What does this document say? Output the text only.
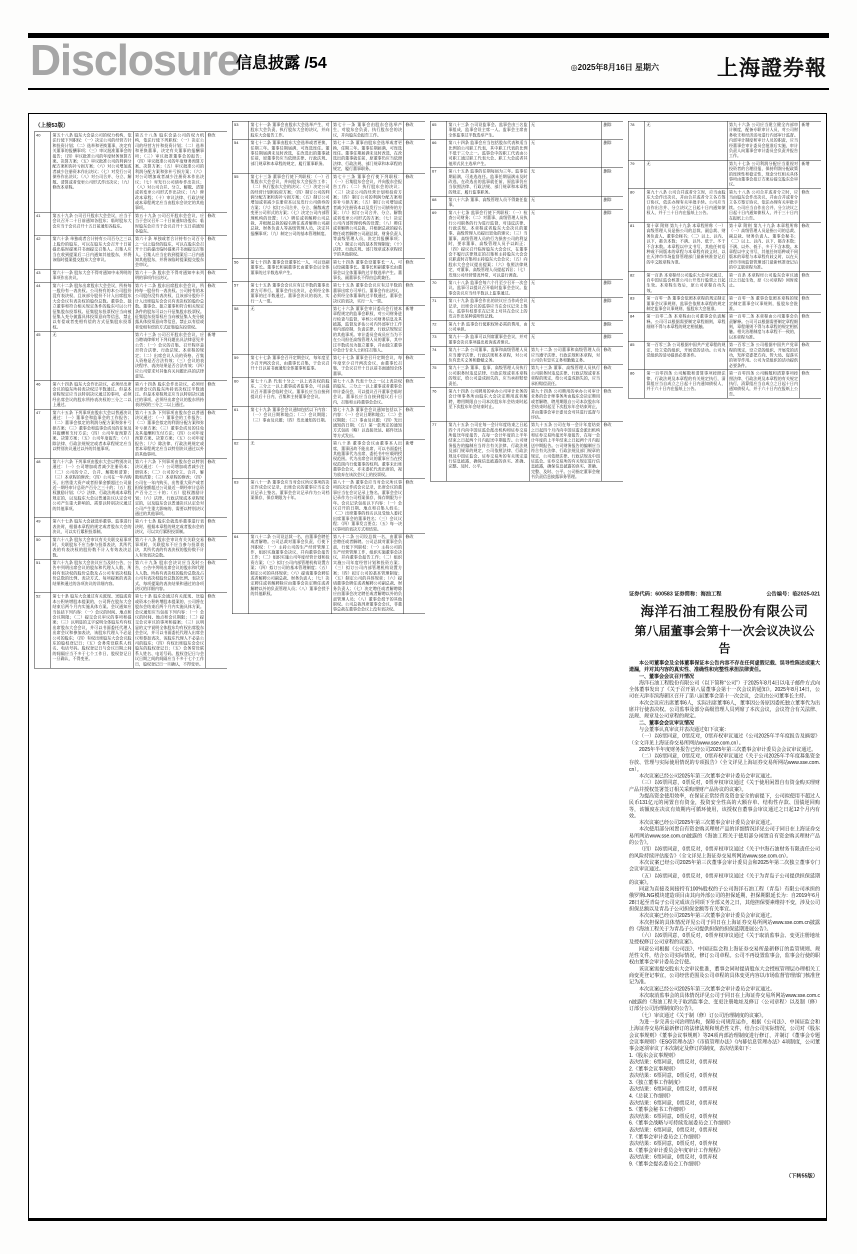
Disclosure
信息披露 /54	◎2025年8月16日 星期六	上海證券報
（上接53版）
40	第五十八条 股东大会是公司的权力机构，依法行使下列职权：（一）决定公司的经营方针和投资计划；（二）选举和更换董事，决定有关董事的报酬事项；（三）审议批准董事会的报告；（四）审议批准公司的年度财务预算方案、决算方案；（五）审议批准公司的利润分配方案和弥补亏损方案；（六）对公司增加或者减少注册资本作出决议；（七）对发行公司债券作出决议；（八）对公司合并、分立、解散、清算或者变更公司形式作出决议；（九）修改本章程。	第五十八条 股东会是公司的权力机构，依法行使下列职权：（一）决定公司的经营方针和投资计划；（二）选举和更换董事，决定有关董事的报酬事项；（三）审议批准董事会的报告；（四）审议批准公司的年度财务预算方案、决算方案；（五）审议批准公司的利润分配方案和弥补亏损方案；（六）对公司增加或者减少注册资本作出决议；（七）对发行公司债券作出决议；（八）对公司合并、分立、解散、清算或者变更公司形式作出决议；（九）修改本章程；（十）审议法律、行政法规或本章程规定应当由股东会决定的其他事项。	修改
41	第五十九条 公司召开股东大会会议，应当于会议召开二十日前通知各股东；临时股东大会应当于会议召开十五日前通知各股东。	第五十九条 公司召开股东会会议，应当于会议召开二十日前通知各股东；临时股东会应当于会议召开十五日前通知各股东。	修改
42	第六十条 单独或者合计持有公司百分之三以上股份的股东，可以在股东大会召开十日前提出临时提案并书面提交召集人。召集人应当在收到提案后二日内通知其他股东，并将该临时提案提交股东大会审议。	第六十条 单独或者合计持有公司百分之一以上股份的股东，可以在股东会召开十日前提出临时提案并书面提交召集人。召集人应当在收到提案后二日内通知其他股东，并将该临时提案提交股东会审议。	修改
43	第六十一条 股东大会不得对通知中未列明的事项作出决议。	第六十一条 股东会不得对通知中未列明的事项作出决议。	修改
44	第六十二条 股东出席股东大会会议，所持每一股份有一表决权。公司持有的本公司股份没有表决权，且该部分股份不计入出席股东大会会议有表决权的股份总数。董事会、独立董事和符合相关规定条件的股东可以公开征集股东投票权。征集股东投票权应当向被征集人充分披露具体投票意向等信息，禁止以有偿或者变相有偿的方式征集股东投票权。	第六十二条 股东出席股东会会议，所持每一股份有一表决权。公司持有的本公司股份没有表决权，且该部分股份不计入出席股东会会议有表决权的股份总数。董事会、独立董事和符合相关规定条件的股东可以公开征集股东投票权。征集股东投票权应当向被征集人充分披露具体投票意向等信息，禁止以有偿或者变相有偿的方式征集股东投票权。	修改
45	无	第六十三条 公司召开股东会会议，应当聘请律师对下列问题出具法律意见并公告：（一）会议的召集、召开程序是否符合法律、行政法规、本章程的规定；（二）出席会议人员的资格、召集人资格是否合法有效；（三）会议的表决程序、表决结果是否合法有效；（四）应公司要求对其他有关问题出具的法律意见。	新增
46	第六十四条 股东大会作出决议，必须经出席会议的股东所持表决权过半数通过。但是本章程规定应当以特别决议通过的事项，必须经出席会议的股东所持表决权的三分之二以上通过。	第六十四条 股东会作出决议，必须经出席会议的股东所持表决权过半数通过。但是本章程规定应当以特别决议通过的事项，必须经出席会议的股东所持表决权的三分之二以上通过。	修改
47	第六十五条 下列事项由股东大会以普通决议通过：（一）董事会和监事会的工作报告；（二）董事会拟定的利润分配方案和弥补亏损方案；（三）董事会和监事会成员的任免及其报酬和支付方法；（四）公司年度预算方案、决算方案；（五）公司年度报告；（六）除法律、行政法规规定或者本章程规定应当以特别决议通过以外的其他事项。	第六十五条 下列事项由股东会以普通决议通过：（一）董事会的工作报告；（二）董事会拟定的利润分配方案和弥补亏损方案；（三）董事会成员的任免及其报酬和支付方法；（四）公司年度预算方案、决算方案；（五）公司年度报告；（六）除法律、行政法规规定或者本章程规定应当以特别决议通过以外的其他事项。	修改
48	第六十六条 下列事项由股东大会以特别决议通过：（一）公司增加或者减少注册资本；（二）公司的分立、合并、解散和清算；（三）本章程的修改；（四）公司在一年内购买、出售重大资产或者担保金额超过公司最近一期经审计总资产百分之三十的；（五）股权激励计划；（六）法律、行政法规或本章程规定的，以及股东大会以普通决议认定会对公司产生重大影响的、需要以特别决议通过的其他事项。	第六十六条 下列事项由股东会以特别决议通过：（一）公司增加或者减少注册资本；（二）公司的分立、合并、解散和清算；（三）本章程的修改；（四）公司在一年内购买、出售重大资产或者担保金额超过公司最近一期经审计总资产百分之三十的；（五）股权激励计划；（六）法律、行政法规或本章程规定的，以及股东会以普通决议认定会对公司产生重大影响的、需要以特别决议通过的其他事项。	修改
49	第六十七条 股东大会就选举董事、监事进行表决时，根据本章程的规定或者股东大会的决议，可以实行累积投票制。	第六十七条 股东会就选举董事进行表决时，根据本章程的规定或者股东会的决议，可以实行累积投票制。	修改
50	第六十八条 股东大会审议有关关联交易事项时，关联股东不应当参与投票表决，其所代表的有表决权的股份数不计入有效表决总数。	第六十八条 股东会审议有关关联交易事项时，关联股东不应当参与投票表决，其所代表的有表决权的股份数不计入有效表决总数。	修改
51	第六十九条 股东大会决议应当及时公告，公告中列明出席会议的股东和代理人人数、所持有表决权的股份总数及占公司有表决权股份总数的比例、表决方式、每项提案的表决结果和通过的各项决议的详细内容。	第六十九条 股东会决议应当及时公告，公告中列明出席会议的股东和代理人人数、所持有表决权的股份总数及占公司有表决权股份总数的比例、表决方式、每项提案的表决结果和通过的各项决议的详细内容。	修改
52	第七十条 股东大会通过有关派现、送股或资本公积转增股本提案的，公司将在股东大会结束后两个月内实施具体方案。会议通知应当包括下列内容：（一）会议的时间、地点和会议期限；（二）提交会议审议的事项和提案；（三）以明显的文字说明全体股东均有权出席股东大会会议，并可以书面委托代理人出席会议和参加表决，该股东代理人不必是公司的股东；（四）有权出席股东大会会议股东的股权登记日；（五）会务常设联系人姓名、电话号码。股权登记日与会议日期之间的间隔应当不多于七个工作日，股权登记日一旦确认，不得变更。	第七十条 股东会通过有关派现、送股或资本公积转增股本提案的，公司将在股东会结束后两个月内实施具体方案。会议通知应当包括下列内容：（一）会议的时间、地点和会议期限；（二）提交会议审议的事项和提案；（三）以明显的文字说明全体股东均有权出席股东会会议，并可以书面委托代理人出席会议和参加表决，该股东代理人不必是公司的股东；（四）有权出席股东会会议股东的股权登记日；（五）会务常设联系人姓名、电话号码。股权登记日与会议日期之间的间隔应当不多于七个工作日，股权登记日一旦确认，不得变更。	修改
53	第七十一条 董事会由股东大会选举产生，对股东大会负责，执行股东大会的决议，并向股东大会报告工作。	第七十一条 董事会由股东会选举产生，对股东会负责，执行股东会的决议，并向股东会报告工作。	修改
54	第七十二条 董事由股东大会选举或者更换，任期三年。董事任期届满，可连选连任。董事任期届满未及时改选，在改选出的董事就任前，原董事仍应当依照法律、行政法规、部门规章和本章程的规定，履行董事职务。	第七十二条 董事由股东会选举或者更换，任期三年。董事任期届满，可连选连任。董事任期届满未及时改选，在改选出的董事就任前，原董事仍应当依照法律、行政法规、部门规章和本章程的规定，履行董事职务。	修改
55	第七十三条 董事会行使下列职权：（一）召集股东大会会议，并向股东大会报告工作；（二）执行股东大会的决议；（三）决定公司的经营计划和投资方案；（四）制订公司的利润分配方案和弥补亏损方案；（五）制订公司增加或者减少注册资本以及发行公司债券的方案；（六）拟订公司合并、分立、解散或者变更公司形式的方案；（七）决定公司内部管理机构的设置；（八）聘任或者解聘公司总裁，并根据总裁的提名聘任或者解聘公司副总裁、财务负责人等高级管理人员，决定其报酬事项；（九）制定公司的基本管理制度。	第七十三条 董事会行使下列职权：（一）召集股东会会议，并向股东会报告工作；（二）执行股东会的决议；（三）决定公司的经营计划和投资方案；（四）制订公司的利润分配方案和弥补亏损方案；（五）制订公司增加或者减少注册资本以及发行公司债券的方案；（六）拟订公司合并、分立、解散或者变更公司形式的方案；（七）决定公司内部管理机构的设置；（八）聘任或者解聘公司总裁，并根据总裁的提名聘任或者解聘公司副总裁、财务负责人等高级管理人员，决定其报酬事项；（九）制定公司的基本管理制度；（十）法律、行政法规、部门规章或本章程授予的其他职权。	修改
56	第七十四条 董事会设董事长一人，可以设副董事长。董事长和副董事长由董事会以全体董事的过半数选举产生。	第七十四条 董事会设董事长一人，可以设副董事长。董事长和副董事长由董事会以全体董事的过半数选举产生。董事长、副董事长不得由总裁兼任。	修改
57	第七十五条 董事会会议应有过半数的董事出席方可举行。董事会作出决议，必须经全体董事的过半数通过。董事会决议的表决，实行一人一票。	第七十五条 董事会会议应有过半数的董事出席方可举行。董事会作出决议，必须经全体董事的过半数通过。董事会决议的表决，实行一人一票。	修改
58	无	第七十六条 董事会审计委员会行使本章程规定的监事会职权，对公司财务进行检查与监督，审核公司财务信息及其披露，监督及评估公司内外部审计工作和内部控制，负责法律、行政法规规定的其他事项。审计委员会成员应当为不在公司担任高级管理人员的董事，其中过半数成员为独立董事，并由独立董事中会计专业人士担任召集人。	新增
59	第七十七条 董事会召开定期会议，每年度至少召开两次会议，由董事长召集，于会议召开十日以前书面通知全体董事和监事。	第七十七条 董事会召开定期会议，每年度至少召开两次会议，由董事长召集，于会议召开十日以前书面通知全体董事。	修改
60	第七十八条 代表十分之一以上表决权的股东、三分之一以上董事或者监事会，可以提议召开董事会临时会议。董事长应当自接到提议后十日内，召集和主持董事会会议。	第七十八条 代表十分之一以上表决权的股东、三分之一以上董事或者董事会审计委员会，可以提议召开董事会临时会议。董事长应当自接到提议后十日内，召集和主持董事会会议。	修改
61	第七十九条 董事会会议通知包括以下内容：（一）会议日期和地点；（二）会议期限；（三）事由及议题；（四）发出通知的日期。	第七十九条 董事会会议通知包括以下内容：（一）会议日期和地点；（二）会议期限；（三）事由及议题；（四）发出通知的日期；（五）第一款规定的通知方式包括（略）以直接送达、邮件送达等方式发出。	修改
62	无	第八十条 董事会会议由董事本人出席，董事因故不能出席，可以书面委托其他董事代为出席，委托书中应载明授权范围。代为出席会议的董事应当在授权范围内行使董事的权利。董事未出席董事会会议，亦未委托代表出席的，视为放弃在该次会议上的投票权。	新增
63	第八十一条 董事会应当对会议所议事项的决定作成会议记录，出席会议的董事应当在会议记录上签名。董事会会议记录作为公司档案保存，保存期限为十年。	第八十一条 董事会应当对会议所议事项的决定作成会议记录，出席会议的董事应当在会议记录上签名。董事会会议记录作为公司档案保存，保存期限为十年。会议记录包括以下内容：（一）会议召开的日期、地点和召集人姓名；（二）出席董事的姓名以及受他人委托出席董事会的董事姓名；（三）会议议程；（四）董事发言要点；（五）每一决议事项的表决方式和结果。	修改
64	第八十二条 公司设总裁一名，由董事会聘任或者解聘。公司总裁对董事会负责，行使下列职权：（一）主持公司的生产经营管理工作，组织实施董事会决议，并向董事会报告工作；（二）组织实施公司年度经营计划和投资方案；（三）拟订公司内部管理机构设置方案；（四）拟订公司的基本管理制度；（五）制定公司的具体规章；（六）提请董事会聘任或者解聘公司副总裁、财务负责人；（七）决定聘任或者解聘除应由董事会决定聘任或者解聘以外的负责管理人员；（八）董事会授予的其他职权。	第八十二条 公司设总裁一名，由董事会聘任或者解聘。公司总裁对董事会负责，行使下列职权：（一）主持公司的生产经营管理工作，组织实施董事会决议，并向董事会报告工作；（二）组织实施公司年度经营计划和投资方案；（三）拟订公司内部管理机构设置方案；（四）拟订公司的基本管理制度；（五）制定公司的具体规章；（六）提请董事会聘任或者解聘公司副总裁、财务负责人；（七）决定聘任或者解聘除应由董事会决定聘任或者解聘以外的负责管理人员；（八）董事会授予的其他职权。公司总裁列席董事会会议，非董事总裁在董事会会议上没有表决权。	修改
65	第八十三条 公司设监事会。监事会由三名监事组成，监事会设主席一人。监事会主席由全体监事过半数选举产生。	无	删除
66	第八十四条 监事会应当包括股东代表和适当比例的公司职工代表，其中职工代表的比例不低于三分之一。监事会中的职工代表由公司职工通过职工代表大会、职工大会或者其他形式民主选举产生。	无	删除
67	第八十五条 监事的任期每届为三年。监事任期届满，可连选连任。监事任期届满未及时改选，在改选出的监事就任前，原监事仍应当依照法律、行政法规、部门规章和本章程的规定，履行监事职务。	无	删除
68	第八十六条 董事、高级管理人员不得兼任监事。	无	删除
69	第八十七条 监事会行使下列职权：（一）检查公司财务；（二）对董事、高级管理人员执行公司职务的行为进行监督，对违反法律、行政法规、本章程或者股东大会决议的董事、高级管理人员提出罢免的建议；（三）当董事、高级管理人员的行为损害公司的利益时，要求董事、高级管理人员予以纠正；（四）提议召开临时股东大会会议，在董事会不履行法律规定的召集和主持股东大会会议职责时召集和主持股东大会会议；（五）向股东大会会议提出提案；（六）依照法律规定，对董事、高级管理人员提起诉讼；（七）发现公司经营情况异常，可以进行调查。	无	删除
70	第八十八条 监事会每六个月至少召开一次会议。监事可以提议召开临时监事会会议。监事会决议应当经半数以上监事通过。	无	删除
71	第八十九条 监事会作出的决议应当作成会议记录，出席会议的监事应当在会议记录上签名。监事有权要求在记录上对其在会议上的发言作出某种说明性记载。	无	删除
72	第九十条 监事会行使职权所必需的费用，由公司承担。	无	删除
73	第九十一条 监事可以列席董事会会议，并对董事会决议事项提出质询或者建议。	无	删除
74	第九十二条 公司董事、监事和高级管理人员应当遵守法律、行政法规和本章程，对公司负有忠实义务和勤勉义务。	第九十二条 公司董事和高级管理人员应当遵守法律、行政法规和本章程，对公司负有忠实义务和勤勉义务。	修改
75	第九十三条 董事、监事、高级管理人员执行公司职务时违反法律、行政法规或者本章程的规定，给公司造成损失的，应当承担赔偿责任。	第九十三条 董事、高级管理人员执行公司职务时违反法律、行政法规或者本章程的规定，给公司造成损失的，应当承担赔偿责任。	修改
76	第九十四条 公司聘用的承办公司审计业务的会计师事务所由股东大会决定聘用或者解聘，聘用期限自公司本次股东年会结束时起至下次股东年会结束时止。	第九十四条 公司聘用的承办公司审计业务的会计师事务所由股东会决定聘用或者解聘，聘用期限自公司本次股东年会结束时起至下次股东年会结束时止，并由董事会审计委员会对其进行监督与评估。	修改
77	第九十五条 公司在每一会计年度结束之日起四个月内向中国证监会派出机构和证券交易所报送年度报告，在每一会计年度的上半年结束之日起两个月内报送中期报告。公司财务报告的编制应当符合有关法律、行政法规及部门规章的规定，公司依照法律、行政法规及中国证监会、证券交易所的有关规定进行信息披露，确保信息披露的真实、准确、完整、及时、公平。	第九十五条 公司在每一会计年度结束之日起四个月内向中国证监会派出机构和证券交易所报送年度报告，在每一会计年度的上半年结束之日起两个月内报送中期报告。公司财务报告的编制应当符合有关法律、行政法规及部门规章的规定，公司依照法律、行政法规及中国证监会、证券交易所的有关规定进行信息披露，确保信息披露的真实、准确、完整、及时、公平。公司指定董事会秘书负责信息披露事务管理。	修改
78	无	第九十六条 公司应当建立健全内部审计制度，配备专职审计人员，对公司财务收支和经济活动进行内部审计监督。内部审计制度和审计人员的职责，应当经董事会审计委员会批准后实施，审计负责人向董事会审计委员会负责并报告工作。	新增
79	无	第九十七条 公司利润分配应当重视对投资者的合理回报，保持利润分配政策的连续性和稳定性，现金分红相关具体事项由董事会拟订方案后提交股东会审议。	新增
80	第九十八条 公司合并或者分立时，应当由股东大会作出决议，并由合并或者分立各方签订协议，依法办理有关审批手续。公司应当自作出合并、分立决议之日起十日内通知债权人，并于三十日内在报纸上公告。	第九十八条 公司合并或者分立时，应当由股东会作出决议，并由合并或者分立各方签订协议，依法办理有关审批手续。公司应当自作出合并、分立决议之日起十日内通知债权人，并于三十日内在报纸上公告。	修改
81	第十章 附则 第九十九条 本章程所称（一）高级管理人员是指公司的总裁、副总裁、财务负责人、董事会秘书；（二）以上、以内、以下，都含本数；不满、以外、低于、多于不含本数。本章程以中文书写，其他任何语种或不同版本的章程与本章程有歧义时，以在天津市市场监督管理部门最新核准登记后的中文版章程为准。	第十章 附则 第九十九条 本章程所称（一）高级管理人员是指公司的总裁、副总裁、财务负责人、董事会秘书；（二）以上、以内、以下，都含本数；不满、以外、低于、多于不含本数。本章程以中文书写，其他任何语种或不同版本的章程与本章程有歧义时，以在天津市市场监督管理部门最新核准登记后的中文版章程为准。	修改
82	第一百条 本章程经公司股东大会审议通过，自中国证监会核准公司公开发行股票之日起生效。本章程生效后，原公司章程自动失效。	第一百条 本章程经公司股东会审议通过之日起生效，原《公司章程》同时废止。	修改
83	第一百零一条 董事会依照本章程的规定制定董事会议事规则，监事会依照本章程的规定制定监事会议事规则，报股东大会批准。	第一百零一条 董事会依照本章程的规定制定董事会议事规则，报股东会批准。	修改
84	第一百零二条 本章程由公司董事会负责解释。公司可以根据需要制定章程细则，章程细则不得与本章程的规定相抵触。	第一百零二条 本章程由公司董事会负责解释。公司可以根据需要制定章程细则，章程细则不得与本章程的规定相抵触。相关治理制度与本章程不一致的，以本章程为准。	修改
85	第一百零三条 公司根据中国共产党章程的规定，设立党的组织，开展党的活动。公司为党组织的活动提供必要条件。	第一百零三条 公司根据中国共产党章程的规定，设立党的组织，开展党的活动，发挥党委把方向、管大局、促落实的领导作用。公司为党组织的活动提供必要条件。	修改
86	第一百零四条 公司解散和清算事项按照法律、行政法规及本章程的有关规定执行，清算组应当自成立之日起十日内通知债权人，并于六十日内在报纸上公告。	第一百零四条 公司解散和清算事项按照法律、行政法规及本章程的有关规定执行，清算组应当自成立之日起十日内通知债权人，并于六十日内在报纸上公告。	修改
证券代码：600583 证券简称：海油工程	公告编号：临2025-021
海洋石油工程股份有限公司
第八届董事会第十一次会议决议公告

本公司董事会及全体董事保证本公告内容不存在任何虚假记载、误导性陈述或重大遗漏，并对其内容的真实性、准确性和完整性承担法律责任。

一、董事会会议召开情况

海洋石油工程股份有限公司（以下简称“公司”）于2025年8月4日以电子邮件方式向全体董事发出了《关于召开第八届董事会第十一次会议的通知》。2025年8月14日，公司在天津市滨海新区召开了第八届董事会第十一次会议，会议由公司董事长主持。

本次会议应出席董事6人，实际出席董事6人，董事因公务原因委托独立董事代为出席并行使表决权。公司监事及部分高级管理人员列席了本次会议，会议符合有关法律、法规、规章及公司章程的规定。

二、董事会会议审议情况

与会董事认真审议并表决通过如下议案：

（一）以6票同意，0票反对，0票弃权审议通过《公司2025年半年度报告及摘要》（全文详见上海证券交易所网站www.sse.com.cn）。

2025年半年度财务报告已经公司2025年第三次董事会审计委员会会议审议通过。

（二）以6票同意，0票反对，0票弃权审议通过《关于公司2025年半年度募集资金存放、管理与实际使用情况的专项报告》（全文详见上海证券交易所网站www.sse.com.cn）。

本次议案已经公司2025年第三次董事会审计委员会审议通过。

（三）以6票同意，0票反对，0票弃权审议通过《关于使用闲置自有资金购买理财产品并授权签署签订相关采购理财产品协议的议案》。

为提高资金使用效率，在保证正常经营及资金安全的前提下，公司拟使用不超过人民币131亿元的闲置自有资金，投资安全性高的大额存单、结构性存款、国债逆回购等，该额度在决议有效期内可循环使用，该授权自董事会审议通过之日起12个月内有效。

本次议案已经公司2025年第三次董事会审计委员会审议通过。

本次使用部分闲置自有资金购买理财产品的详细情况详见公司于同日在上海证券交易所网站www.sse.com.cn披露的《海油工程关于使用部分闲置自有资金购买理财产品的公告》。

（四）以6票同意，0票反对，0票弃权审议通过《关于中海石油财务有限责任公司的风险持续评估报告》（全文详见上海证券交易所网站www.sse.com.cn）。

本次议案已经公司2025年第三次董事会审计委员会和2025年第二次独立董事专门会议审议通过。

（五）以6票同意，0票反对，0票弃权审议通过《关于为青岛子公司提供担保延期的议案》。

同意为直接及间接持有100%股权的子公司海洋石油工程（青岛）有限公司承担的俄罗斯LNG模块建造项目由其向外部公司的担保延期，担保期限延长为：自2019年6月28日起至青岛子公司完成该合同项下全部义务之日，其他担保要素维持不变，涉及公司担保总额以及青岛子公司担保金额等有关事宜。

本次议案已经公司2025年第三次董事会审计委员会审议通过。

本次担保的具体情况详见公司于同日在上海证券交易所网站www.sse.com.cn披露的《海油工程关于为青岛子公司提供担保的担保延期进展公告》。

（六）以6票同意，0票反对，0票弃权审议通过《关于取消监事会、变更注册地址及授权修订公司章程的议案》。

同意公司根据《公司法》、中国证监会和上海证券交易所最新修订的监管规则、规范性文件，结合公司实际情况，修订公司章程。公司不再设置监事会，监事会行使的职权由董事会审计委员会行使。

该议案需提交股东大会审议批准，董事会同时提请股东大会授权管理层办理相关工商变更登记事宜，公司经营范围及公司章程的具体变更内容以市场监督管理部门核准登记为准。

本次议案已经公司2025年第三次董事会审计委员会审议通过。

本次取消监事会的具体情况详见公司于同日在上海证券交易所网站www.sse.com.cn披露的《海油工程关于取消监事会、变更注册地址及修订〈公司章程〉以及制（修）订部分公司治理制度的公告》。

（七）审议通过《关于制（修）订公司治理制度的议案》。

为进一步完善公司治理结构，保障公司规范运作，根据《公司法》、中国证监会和上海证券交易所最新修订的法律法规和规范性文件，结合公司实际情况，公司对《股东会议事规则》《董事会议事规则》等24项内部治理制度进行修订，并制订《董事会专题会议事规则》《ESG管理办法》《市值管理办法》《内幕信息管理办法》4项制度，公司董事会逐项审议了本次制定及修订的制度，表决结果如下：

1.《股东会议事规则》
表决结果：6票同意，0票反对，0票弃权
2.《董事会议事规则》
表决结果：6票同意，0票反对，0票弃权
3.《独立董事工作制度》
表决结果：6票同意，0票反对，0票弃权
4.《总裁工作细则》
表决结果：6票同意，0票反对，0票弃权
5.《董事会秘书工作细则》
表决结果：6票同意，0票反对，0票弃权
6.《董事会战略与可持续发展委员会工作细则》
表决结果：6票同意，0票反对，0票弃权
7.《董事会审计委员会工作细则》
表决结果：6票同意，0票反对，0票弃权
8.《董事会审计委员会年度审计工作规程》
表决结果：6票同意，0票反对，0票弃权
9.《董事会提名委员会工作细则》
（下转55版）
